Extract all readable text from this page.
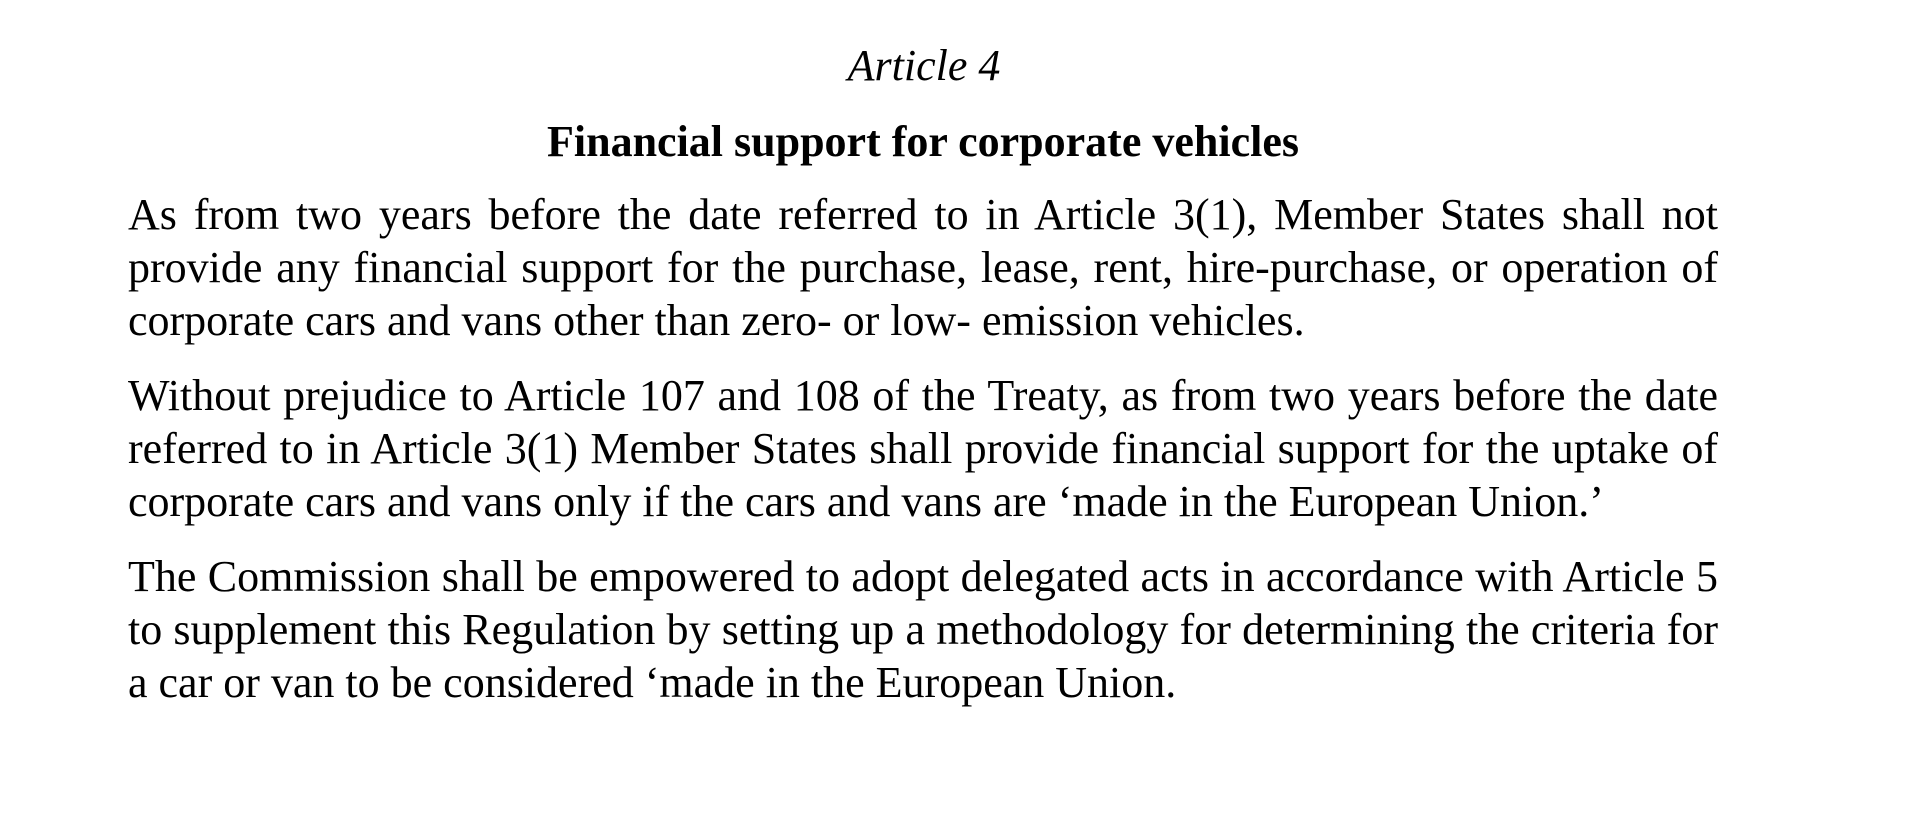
Article 4

Financial support for corporate vehicles

As from two years before the date referred to in Article 3(1), Member States shall not provide any financial support for the purchase, lease, rent, hire-purchase, or operation of corporate cars and vans other than zero- or low- emission vehicles.

Without prejudice to Article 107 and 108 of the Treaty, as from two years before the date referred to in Article 3(1) Member States shall provide financial support for the uptake of corporate cars and vans only if the cars and vans are ‘made in the European Union.’

The Commission shall be empowered to adopt delegated acts in accordance with Article 5 to supplement this Regulation by setting up a methodology for determining the criteria for a car or van to be considered ‘made in the European Union.
